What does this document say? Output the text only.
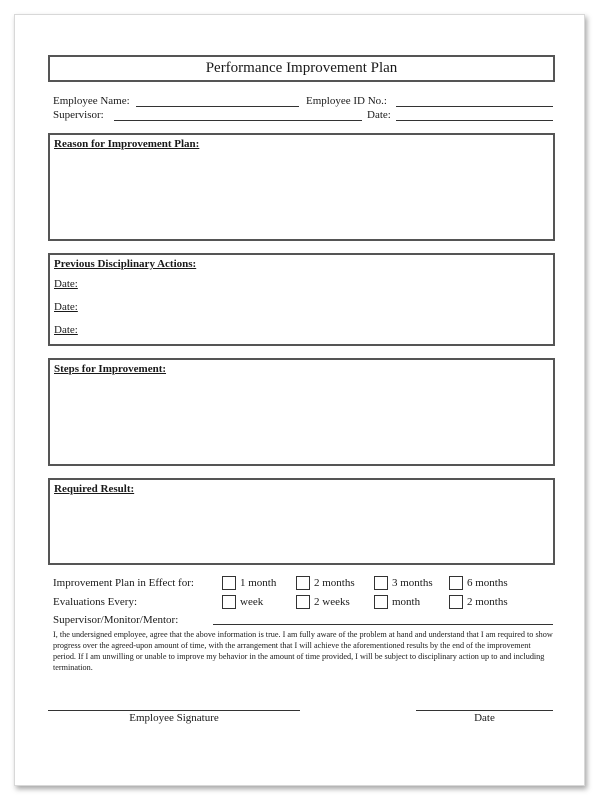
Performance Improvement Plan
Employee Name:	Employee ID No.:
Supervisor:	Date:
Reason for Improvement Plan:
Previous Disciplinary Actions:
Date:
Date:
Date:
Steps for Improvement:
Required Result:
Improvement Plan in Effect for:	1 month	2 months	3 months	6 months
Evaluations Every:	week	2 weeks	month	2 months
Supervisor/Monitor/Mentor:
I, the undersigned employee, agree that the above information is true. I am fully aware of the problem at hand and understand that I am required to show progress over the agreed-upon amount of time, with the arrangement that I will achieve the aforementioned results by the end of the improvement period. If I am unwilling or unable to improve my behavior in the amount of time provided, I will be subject to disciplinary action up to and including termination.
Employee Signature	Date
